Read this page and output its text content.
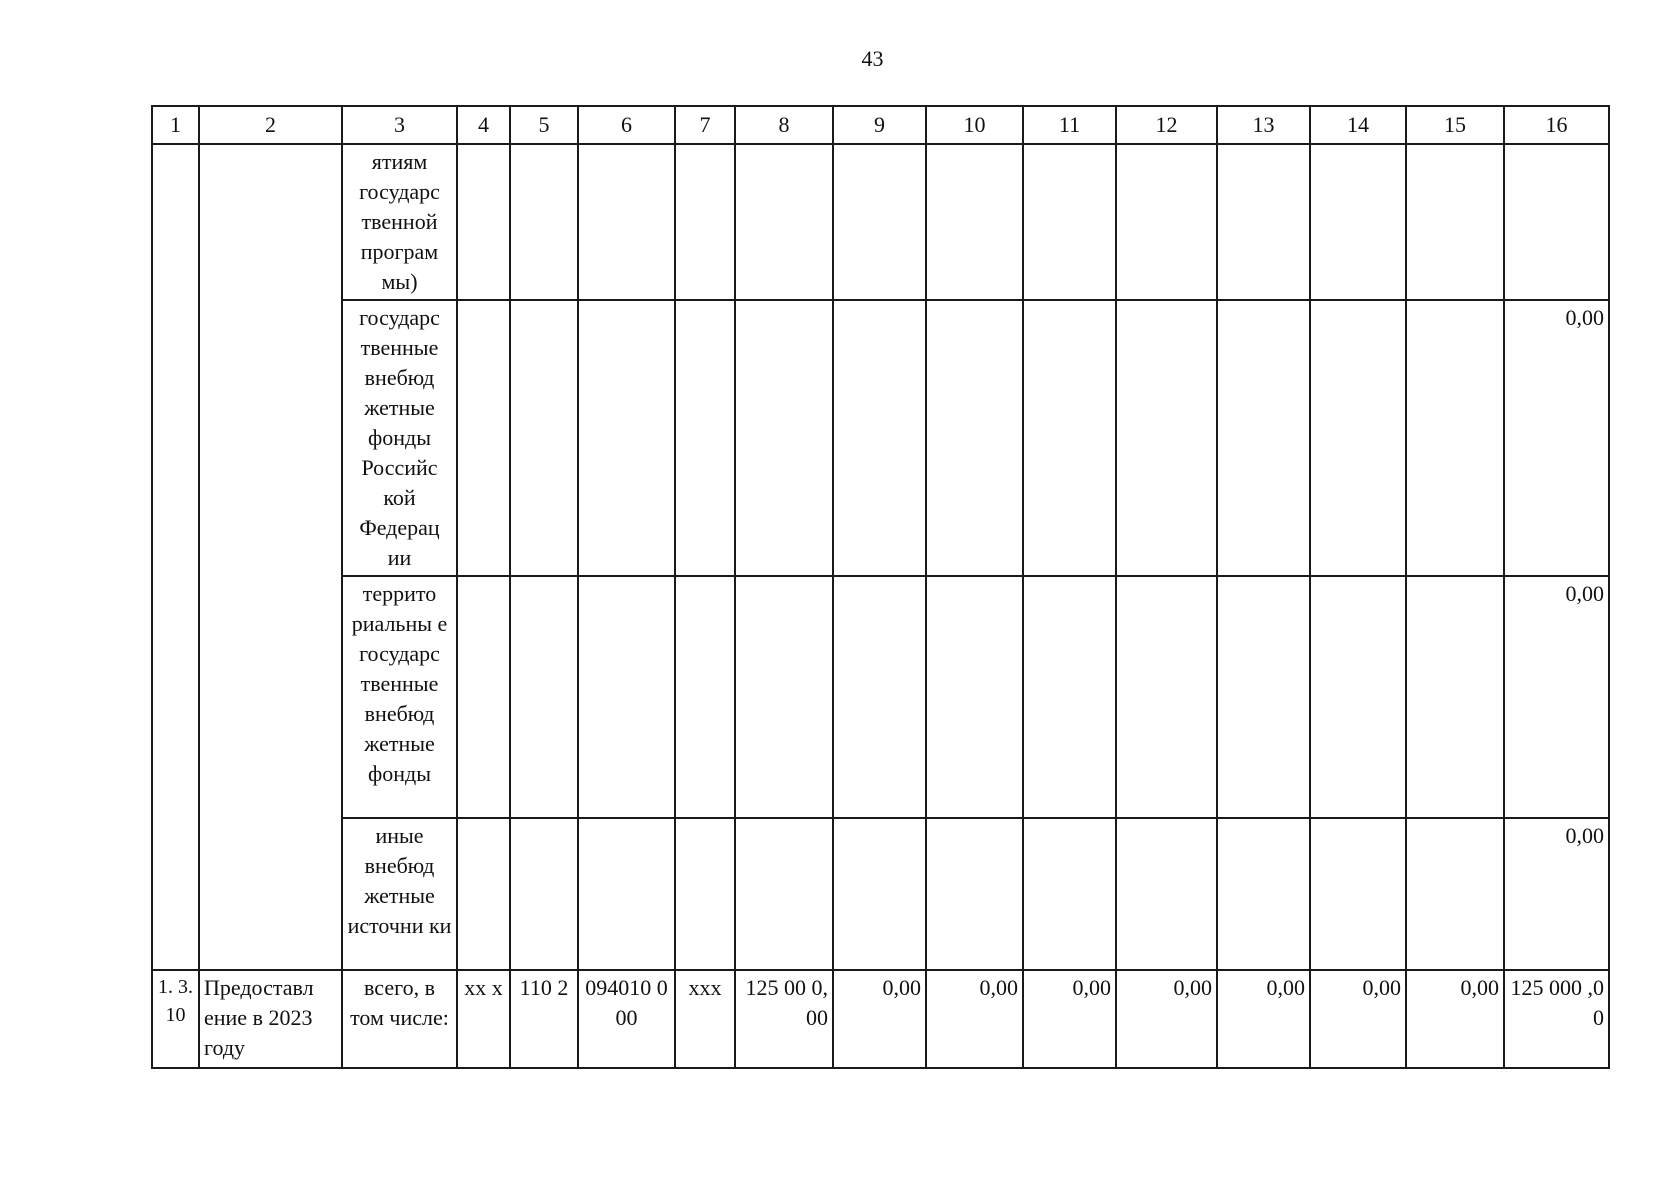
43
1	2	3	4	5	6	7	8	9	10	11	12	13	14	15	16
		ятиям государс твенной програм мы)													
		государс твенные внебюд жетные фонды Российс кой Федерац ии													0,00
		террито риальны е государс твенные внебюд жетные фонды													0,00
		иные внебюд жетные источни ки													0,00
1. 3. 10	Предоставл ение в 2023 году	всего, в том числе:	xx x	110 2	094010 000	xxx	125 00 0,00	0,00	0,00	0,00	0,00	0,00	0,00	0,00	125 000 ,00
